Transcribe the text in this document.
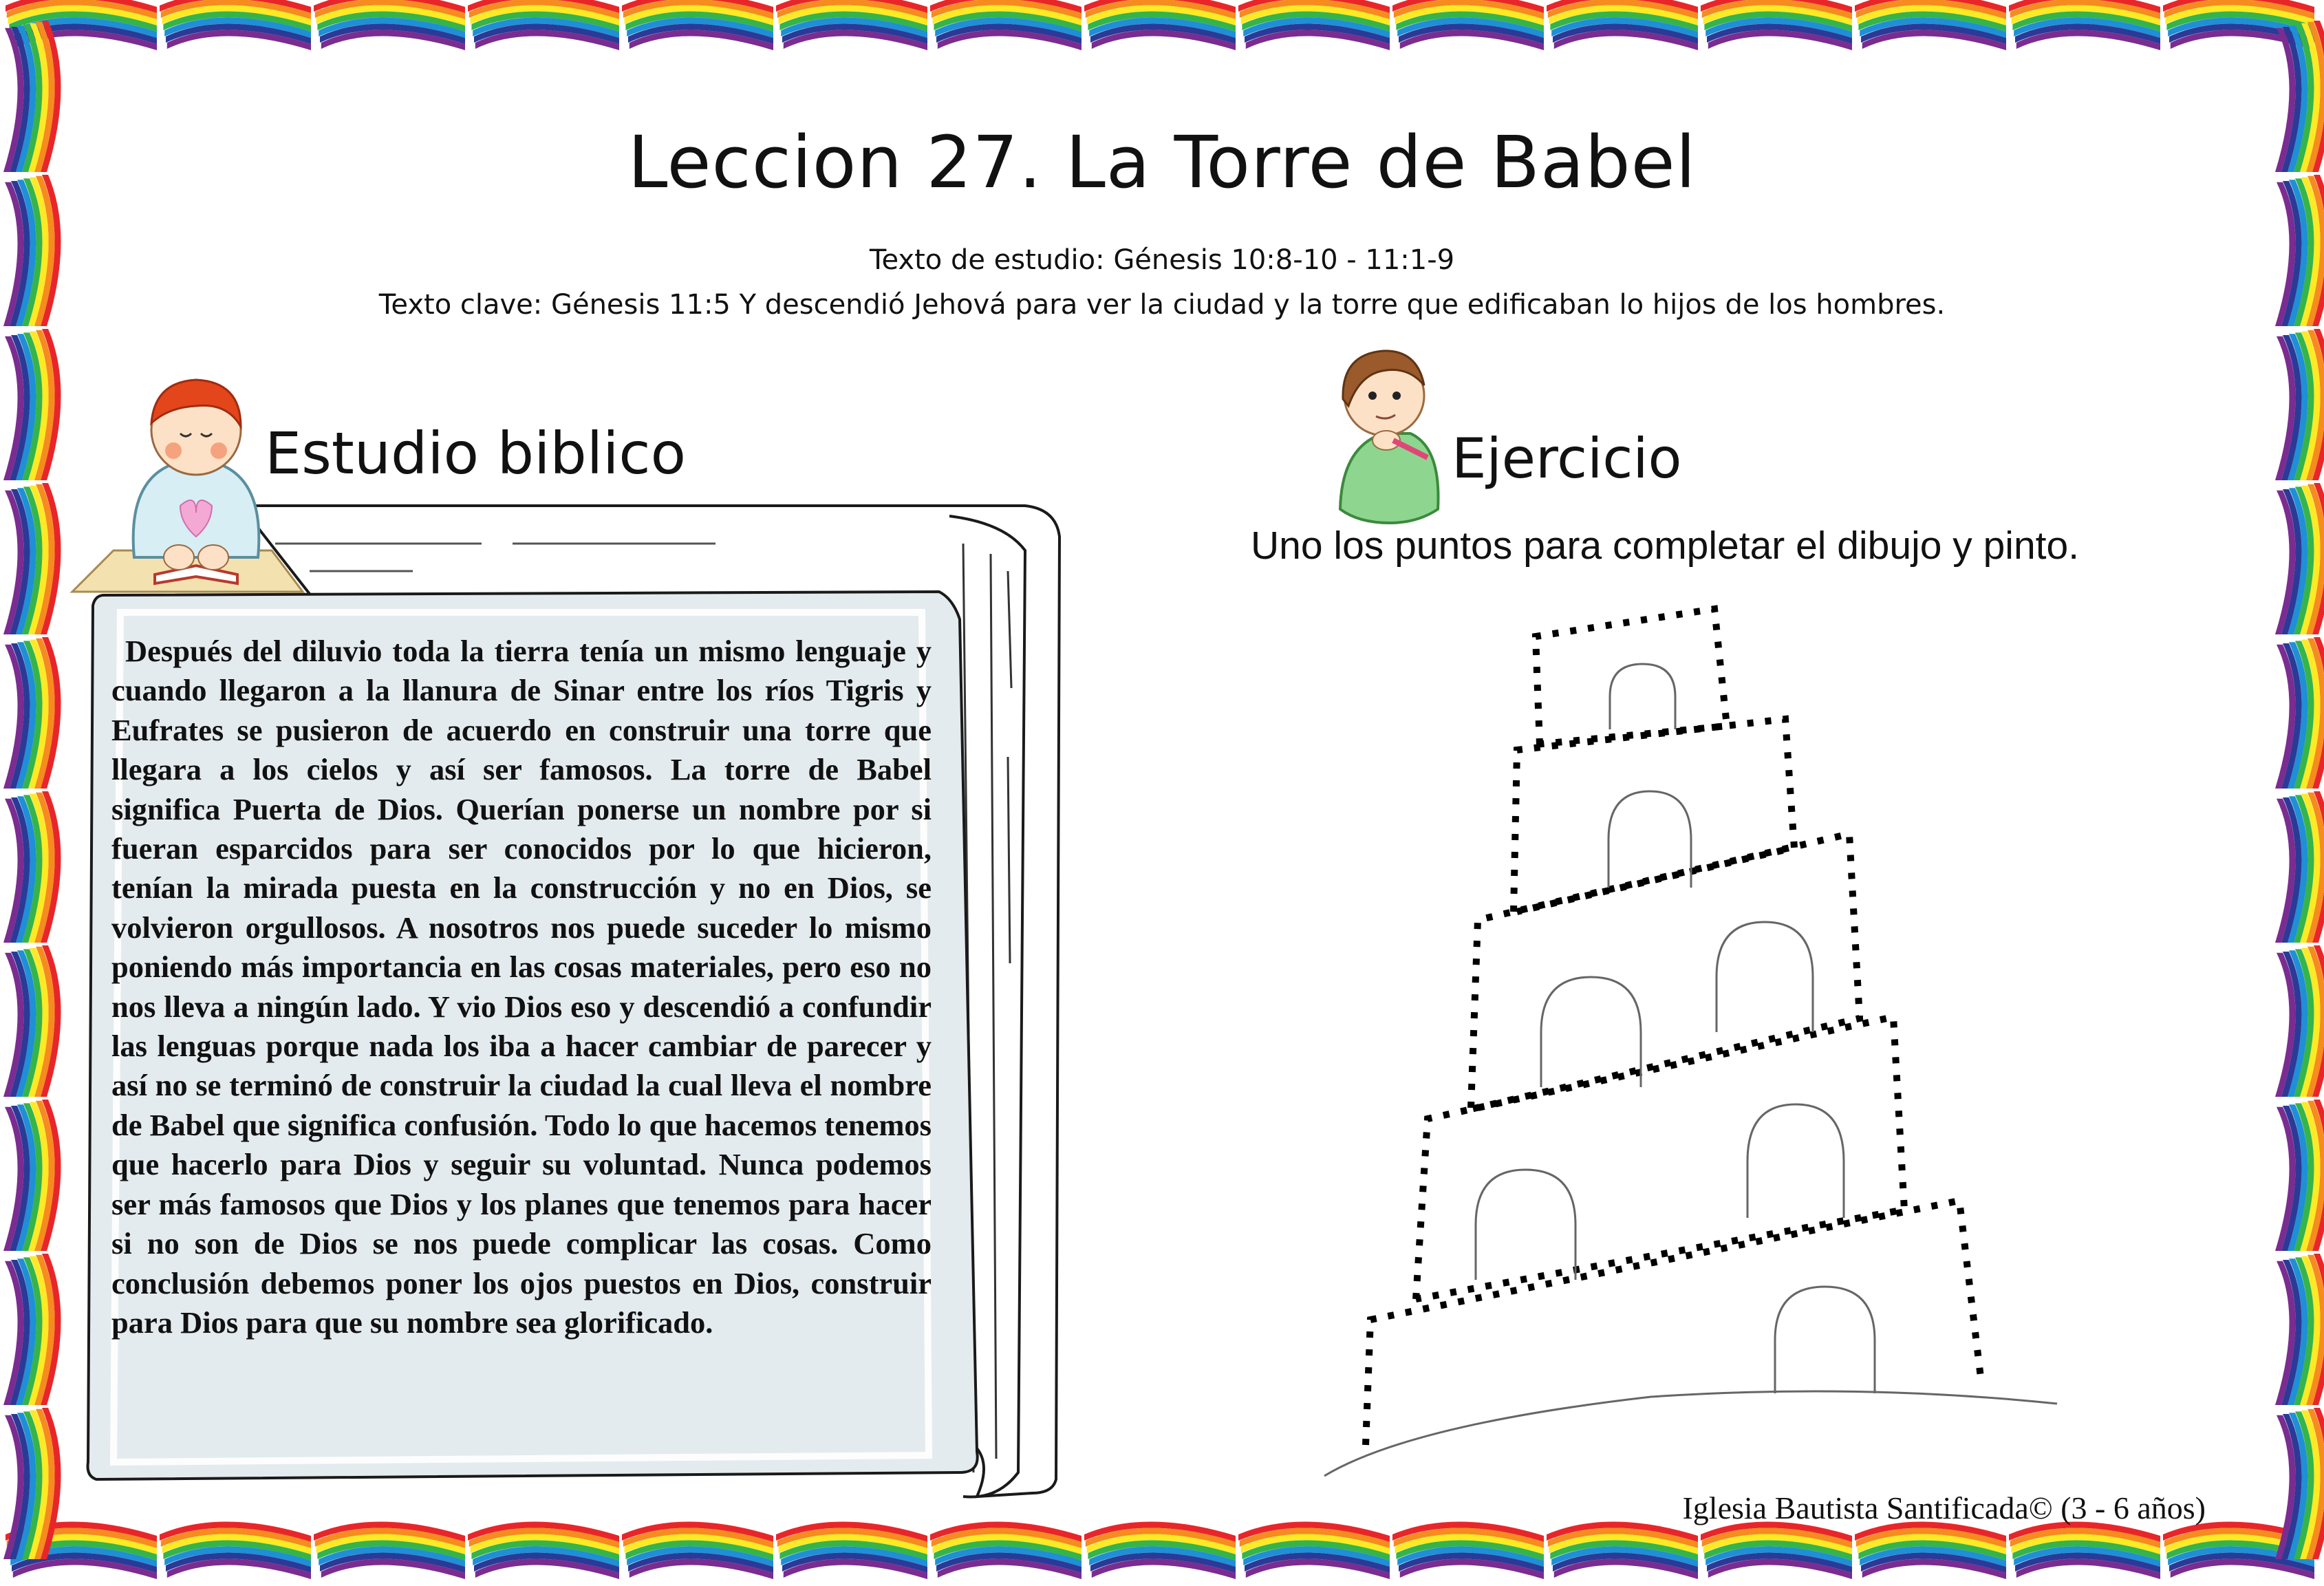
Leccion 27. La Torre de Babel
Texto de estudio: Génesis 10:8-10 - 11:1-9
Texto clave: Génesis 11:5 Y descendió Jehová para ver la ciudad y la torre que edificaban lo hijos de los hombres.
Estudio biblico

Después del diluvio toda la tierra tenía un mismo lenguaje y cuando llegaron a la llanura de Sinar entre los ríos Tigris y Eufrates se pusieron de acuerdo en construir una torre que llegara a los cielos y así ser famosos. La torre de Babel significa Puerta de Dios. Querían ponerse un nombre por si fueran esparcidos para ser conocidos por lo que hicieron, tenían la mirada puesta en la construcción y no en Dios, se volvieron orgullosos. A nosotros nos puede suceder lo mismo poniendo más importancia en las cosas materiales, pero eso no nos lleva a ningún lado. Y vio Dios eso y descendió a confundir las lenguas porque nada los iba a hacer cambiar de parecer y así no se terminó de construir la ciudad la cual lleva el nombre de Babel que significa confusión. Todo lo que hacemos tenemos que hacerlo para Dios y seguir su voluntad. Nunca podemos ser más famosos que Dios y los planes que tenemos para hacer si no son de Dios se nos puede complicar las cosas. Como conclusión debemos poner los ojos puestos en Dios, construir para Dios para que su nombre sea glorificado.

Ejercicio
Uno los puntos para completar el dibujo y pinto.
Iglesia Bautista Santificada© (3 - 6 años)
